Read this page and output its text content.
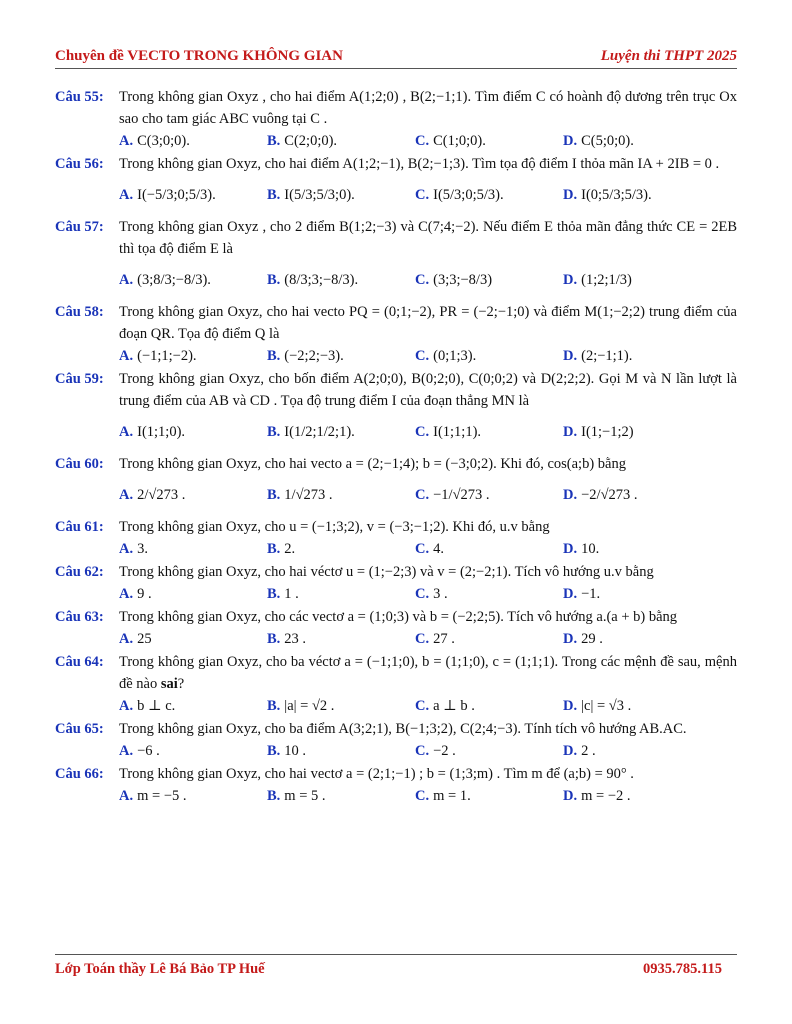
Chuyên đề VECTO TRONG KHÔNG GIAN	Luyện thi THPT 2025
Câu 55:	Trong không gian Oxyz , cho hai điểm A(1;2;0) , B(2;−1;1). Tìm điểm C có hoành độ dương trên trục Ox sao cho tam giác ABC vuông tại C .
A. C(3;0;0).	B. C(2;0;0).	C. C(1;0;0).	D. C(5;0;0).
Câu 56:	Trong không gian Oxyz, cho hai điểm A(1;2;−1), B(2;−1;3). Tìm tọa độ điểm I thỏa mãn IA + 2IB = 0 .
A. I(−5/3;0;5/3).	B. I(5/3;5/3;0).	C. I(5/3;0;5/3).	D. I(0;5/3;5/3).
Câu 57:	Trong không gian Oxyz , cho 2 điểm B(1;2;−3) và C(7;4;−2). Nếu điểm E thỏa mãn đẳng thức CE = 2EB thì tọa độ điểm E là
A. (3;8/3;−8/3).	B. (8/3;3;−8/3).	C. (3;3;−8/3)	D. (1;2;1/3)
Câu 58:	Trong không gian Oxyz, cho hai vecto PQ = (0;1;−2), PR = (−2;−1;0) và điểm M(1;−2;2) trung điểm của đoạn QR. Tọa độ điểm Q là
A. (−1;1;−2).	B. (−2;2;−3).	C. (0;1;3).	D. (2;−1;1).
Câu 59:	Trong không gian Oxyz, cho bốn điểm A(2;0;0), B(0;2;0), C(0;0;2) và D(2;2;2). Gọi M và N lần lượt là trung điểm của AB và CD . Tọa độ trung điểm I của đoạn thẳng MN là
A. I(1;1;0).	B. I(1/2;1/2;1).	C. I(1;1;1).	D. I(1;−1;2)
Câu 60:	Trong không gian Oxyz, cho hai vecto a = (2;−1;4); b = (−3;0;2). Khi đó, cos(a;b) bằng
A. 2/√273 .	B. 1/√273 .	C. −1/√273 .	D. −2/√273 .
Câu 61:	Trong không gian Oxyz, cho u = (−1;3;2), v = (−3;−1;2). Khi đó, u.v bằng
A. 3.	B. 2.	C. 4.	D. 10.
Câu 62:	Trong không gian Oxyz, cho hai véctơ u = (1;−2;3) và v = (2;−2;1). Tích vô hướng u.v bằng
A. 9 .	B. 1 .	C. 3 .	D. −1.
Câu 63:	Trong không gian Oxyz, cho các vectơ a = (1;0;3) và b = (−2;2;5). Tích vô hướng a.(a + b) bằng
A. 25	B. 23 .	C. 27 .	D. 29 .
Câu 64:	Trong không gian Oxyz, cho ba véctơ a = (−1;1;0), b = (1;1;0), c = (1;1;1). Trong các mệnh đề sau, mệnh đề nào sai?
A. b ⊥ c.	B. |a| = √2 .	C. a ⊥ b .	D. |c| = √3 .
Câu 65:	Trong không gian Oxyz, cho ba điểm A(3;2;1), B(−1;3;2), C(2;4;−3). Tính tích vô hướng AB.AC.
A. −6 .	B. 10 .	C. −2 .	D. 2 .
Câu 66:	Trong không gian Oxyz, cho hai vectơ a = (2;1;−1) ; b = (1;3;m) . Tìm m để (a;b) = 90° .
A. m = −5 .	B. m = 5 .	C. m = 1.	D. m = −2 .
Lớp Toán thầy Lê Bá Bảo TP Huế	0935.785.115
